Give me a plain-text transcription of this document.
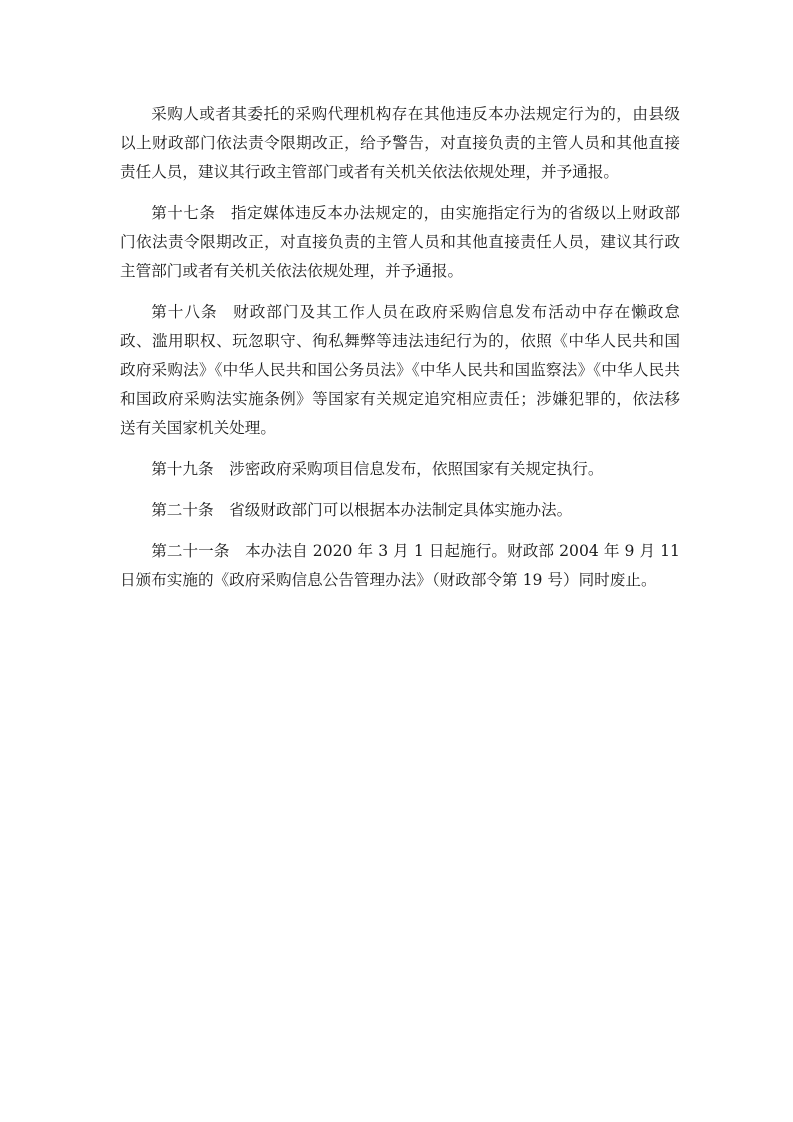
采购人或者其委托的采购代理机构存在其他违反本办法规定行为的，由县级以上财政部门依法责令限期改正，给予警告，对直接负责的主管人员和其他直接责任人员，建议其行政主管部门或者有关机关依法依规处理，并予通报。

第十七条 指定媒体违反本办法规定的，由实施指定行为的省级以上财政部门依法责令限期改正，对直接负责的主管人员和其他直接责任人员，建议其行政主管部门或者有关机关依法依规处理，并予通报。

第十八条 财政部门及其工作人员在政府采购信息发布活动中存在懒政怠政、滥用职权、玩忽职守、徇私舞弊等违法违纪行为的，依照《中华人民共和国政府采购法》《中华人民共和国公务员法》《中华人民共和国监察法》《中华人民共和国政府采购法实施条例》等国家有关规定追究相应责任；涉嫌犯罪的，依法移送有关国家机关处理。

第十九条 涉密政府采购项目信息发布，依照国家有关规定执行。

第二十条 省级财政部门可以根据本办法制定具体实施办法。

第二十一条 本办法自 2020 年 3 月 1 日起施行。财政部 2004 年 9 月 11 日颁布实施的《政府采购信息公告管理办法》（财政部令第 19 号）同时废止。
